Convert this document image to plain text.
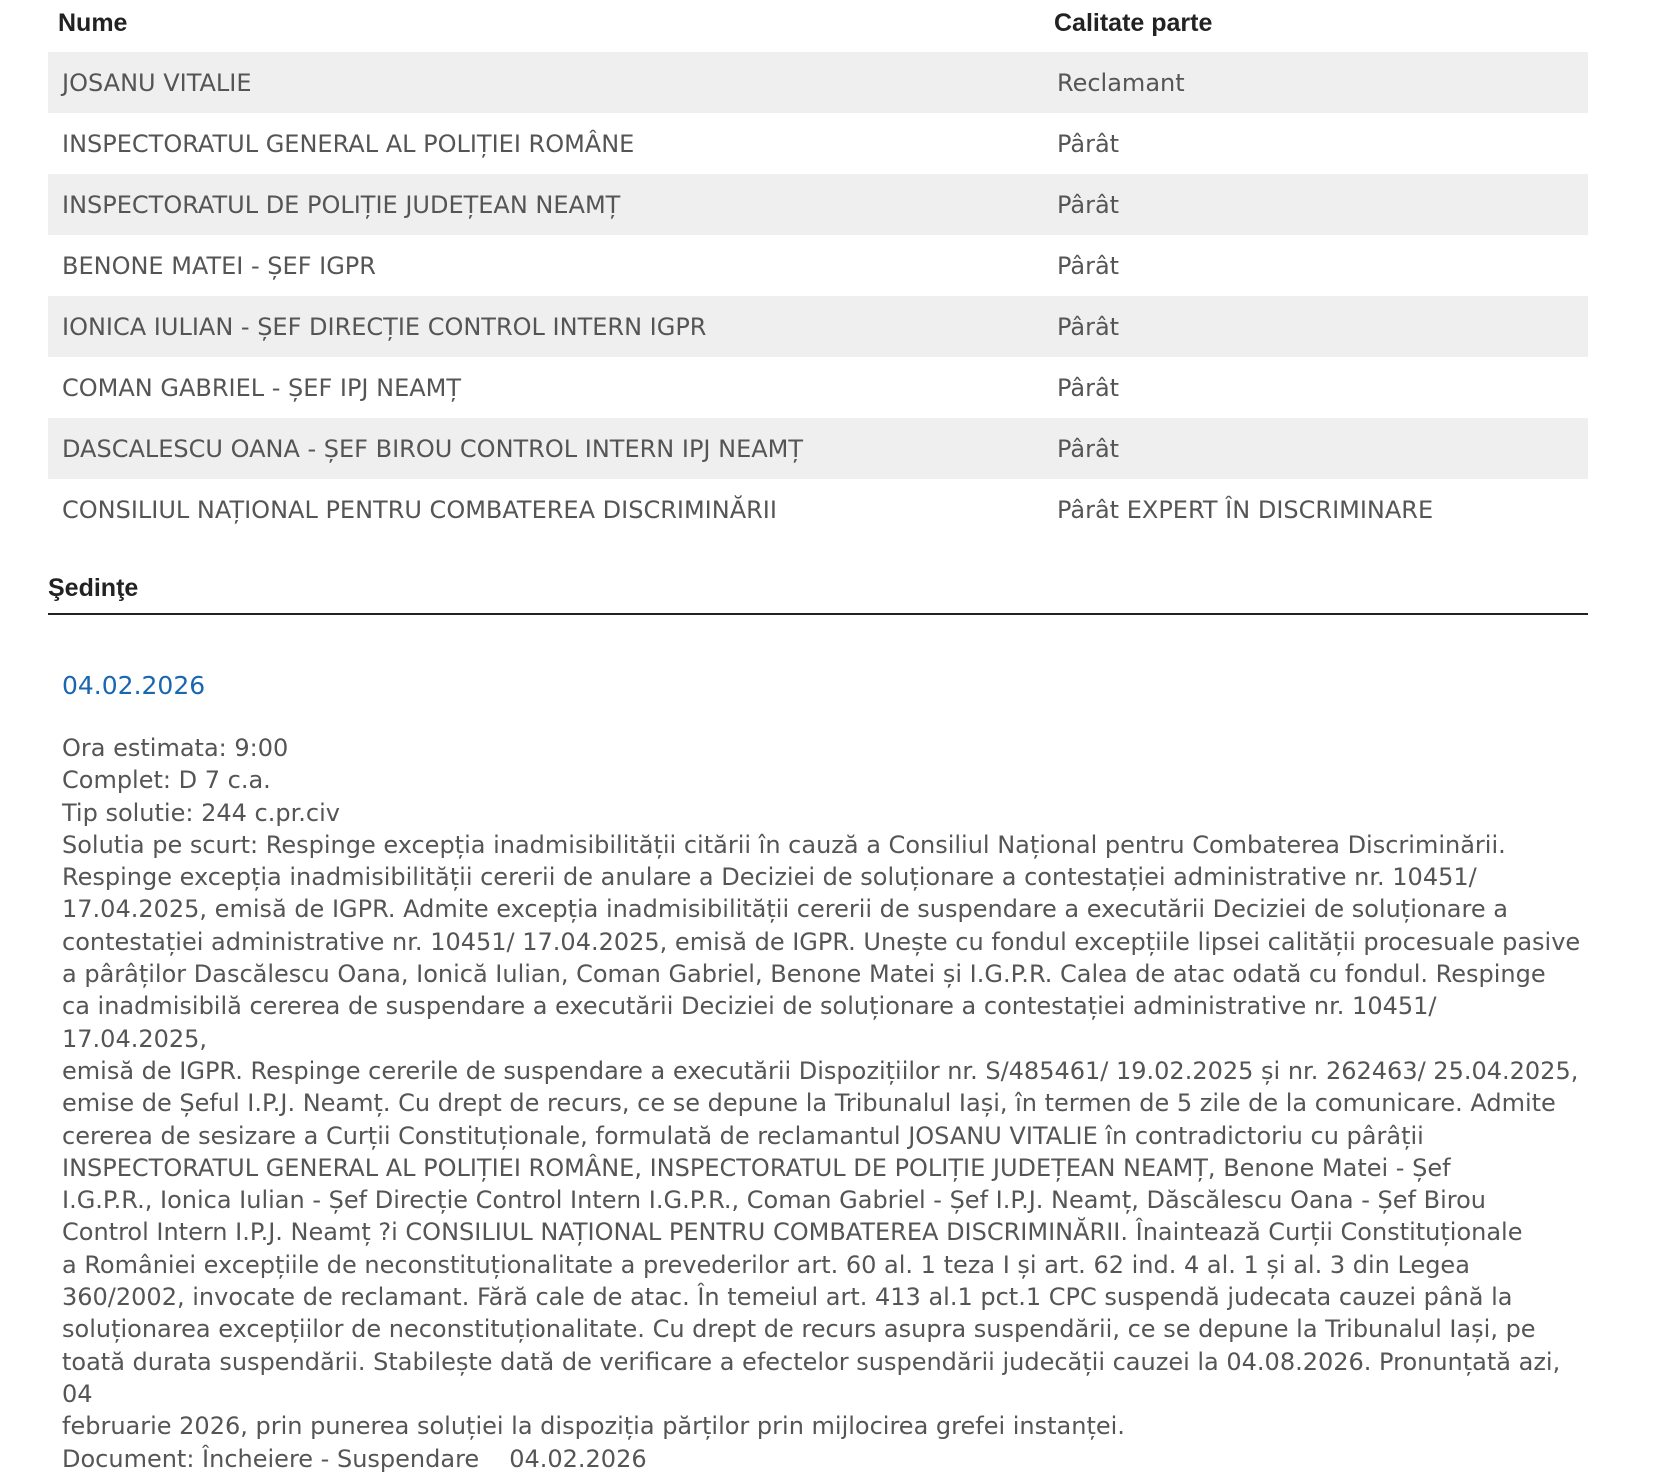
Nume	Calitate parte
JOSANU VITALIE	Reclamant
INSPECTORATUL GENERAL AL POLIȚIEI ROMÂNE	Pârât
INSPECTORATUL DE POLIȚIE JUDEȚEAN NEAMȚ	Pârât
BENONE MATEI - ȘEF IGPR	Pârât
IONICA IULIAN - ȘEF DIRECȚIE CONTROL INTERN IGPR	Pârât
COMAN GABRIEL - ȘEF IPJ NEAMȚ	Pârât
DASCALESCU OANA - ȘEF BIROU CONTROL INTERN IPJ NEAMȚ	Pârât
CONSILIUL NAȚIONAL PENTRU COMBATEREA DISCRIMINĂRII	Pârât EXPERT ÎN DISCRIMINARE
Şedinţe
04.02.2026
Ora estimata: 9:00
Complet: D 7 c.a.
Tip solutie: 244 c.pr.civ
Solutia pe scurt: Respinge excepția inadmisibilității citării în cauză a Consiliul Național pentru Combaterea Discriminării.
Respinge excepția inadmisibilității cererii de anulare a Deciziei de soluționare a contestației administrative nr. 10451/
17.04.2025, emisă de IGPR. Admite excepția inadmisibilității cererii de suspendare a executării Deciziei de soluționare a
contestației administrative nr. 10451/ 17.04.2025, emisă de IGPR. Unește cu fondul excepțiile lipsei calității procesuale pasive
a pârâților Dascălescu Oana, Ionică Iulian, Coman Gabriel, Benone Matei și I.G.P.R. Calea de atac odată cu fondul. Respinge
ca inadmisibilă cererea de suspendare a executării Deciziei de soluționare a contestației administrative nr. 10451/ 17.04.2025,
emisă de IGPR. Respinge cererile de suspendare a executării Dispozițiilor nr. S/485461/ 19.02.2025 și nr. 262463/ 25.04.2025,
emise de Șeful I.P.J. Neamț. Cu drept de recurs, ce se depune la Tribunalul Iași, în termen de 5 zile de la comunicare. Admite
cererea de sesizare a Curții Constituționale, formulată de reclamantul JOSANU VITALIE în contradictoriu cu pârâții
INSPECTORATUL GENERAL AL POLIȚIEI ROMÂNE, INSPECTORATUL DE POLIȚIE JUDEȚEAN NEAMȚ, Benone Matei - Șef
I.G.P.R., Ionica Iulian - Șef Direcție Control Intern I.G.P.R., Coman Gabriel - Șef I.P.J. Neamț, Dăscălescu Oana - Șef Birou
Control Intern I.P.J. Neamț ?i CONSILIUL NAȚIONAL PENTRU COMBATEREA DISCRIMINĂRII. Înaintează Curții Constituționale
a României excepțiile de neconstituționalitate a prevederilor art. 60 al. 1 teza I și art. 62 ind. 4 al. 1 și al. 3 din Legea
360/2002, invocate de reclamant. Fără cale de atac. În temeiul art. 413 al.1 pct.1 CPC suspendă judecata cauzei până la
soluționarea excepțiilor de neconstituționalitate. Cu drept de recurs asupra suspendării, ce se depune la Tribunalul Iași, pe
toată durata suspendării. Stabilește dată de verificare a efectelor suspendării judecății cauzei la 04.08.2026. Pronunțată azi, 04
februarie 2026, prin punerea soluției la dispoziția părților prin mijlocirea grefei instanței.
Document: Încheiere - Suspendare 04.02.2026
